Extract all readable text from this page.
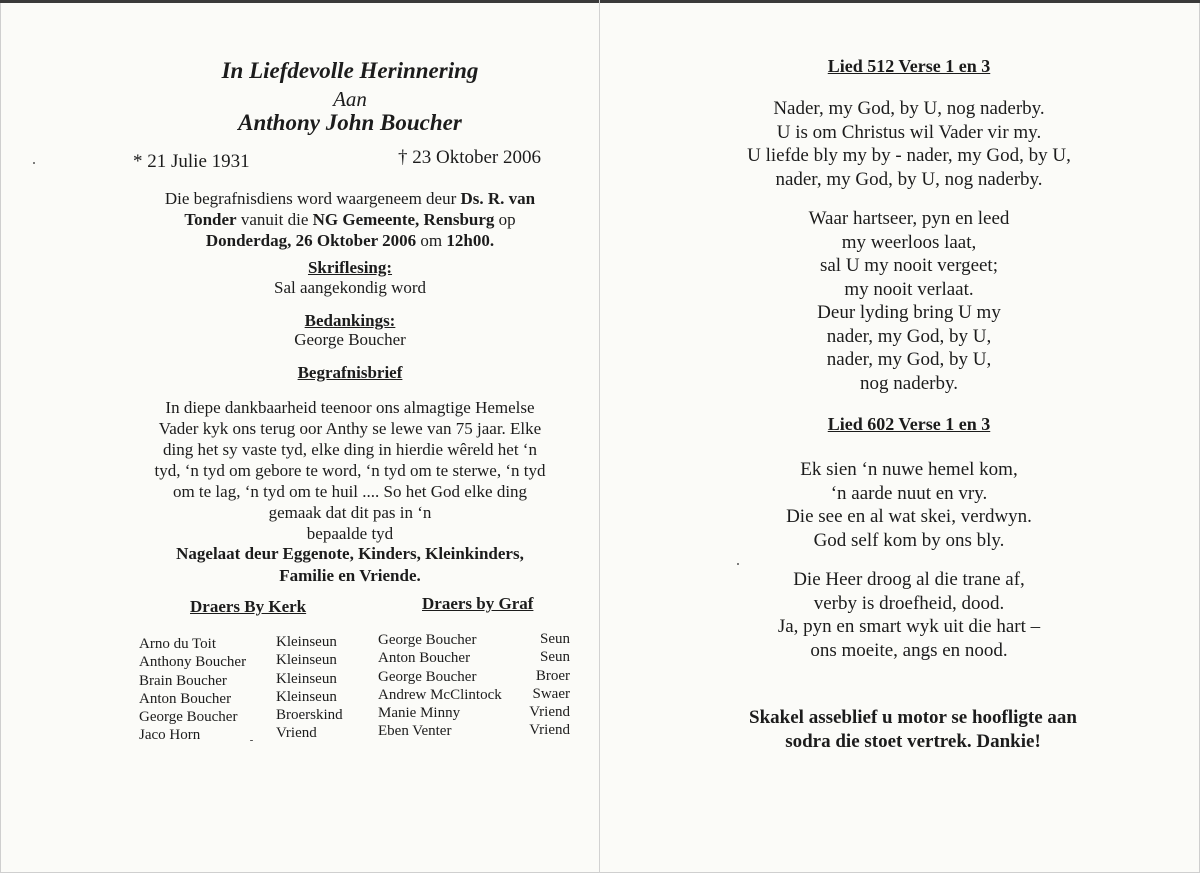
In Liefdevolle Herinnering
Aan
Anthony John Boucher
* 21 Julie 1931	† 23 Oktober 2006
Die begrafnisdiens word waargeneem deur Ds. R. van
Tonder vanuit die NG Gemeente, Rensburg op
Donderdag, 26 Oktober 2006 om 12h00.
Skriflesing:
Sal aangekondig word
Bedankings:
George Boucher
Begrafnisbrief
In diepe dankbaarheid teenoor ons almagtige Hemelse
Vader kyk ons terug oor Anthy se lewe van 75 jaar. Elke
ding het sy vaste tyd, elke ding in hierdie wêreld het ‘n
tyd, ‘n tyd om gebore te word, ‘n tyd om te sterwe, ‘n tyd
om te lag, ‘n tyd om te huil .... So het God elke ding
gemaak dat dit pas in ‘n
bepaalde tyd
Nagelaat deur Eggenote, Kinders, Kleinkinders,
Familie en Vriende.
Draers By Kerk	Draers by Graf
Arno du Toit
Anthony Boucher
Brain Boucher
Anton Boucher
George Boucher
Jaco Horn
Kleinseun
Kleinseun
Kleinseun
Kleinseun
Broerskind
Vriend
George Boucher
Anton Boucher
George Boucher
Andrew McClintock
Manie Minny
Eben Venter
Seun
Seun
Broer
Swaer
Vriend
Vriend
Lied 512 Verse 1 en 3
Nader, my God, by U, nog naderby.
U is om Christus wil Vader vir my.
U liefde bly my by - nader, my God, by U,
nader, my God, by U, nog naderby.
Waar hartseer, pyn en leed
my weerloos laat,
sal U my nooit vergeet;
my nooit verlaat.
Deur lyding bring U my
nader, my God, by U,
nader, my God, by U,
nog naderby.
Lied 602 Verse 1 en 3
Ek sien ‘n nuwe hemel kom,
‘n aarde nuut en vry.
Die see en al wat skei, verdwyn.
God self kom by ons bly.
Die Heer droog al die trane af,
verby is droefheid, dood.
Ja, pyn en smart wyk uit die hart –
ons moeite, angs en nood.
Skakel asseblief u motor se hoofligte aan
sodra die stoet vertrek. Dankie!
